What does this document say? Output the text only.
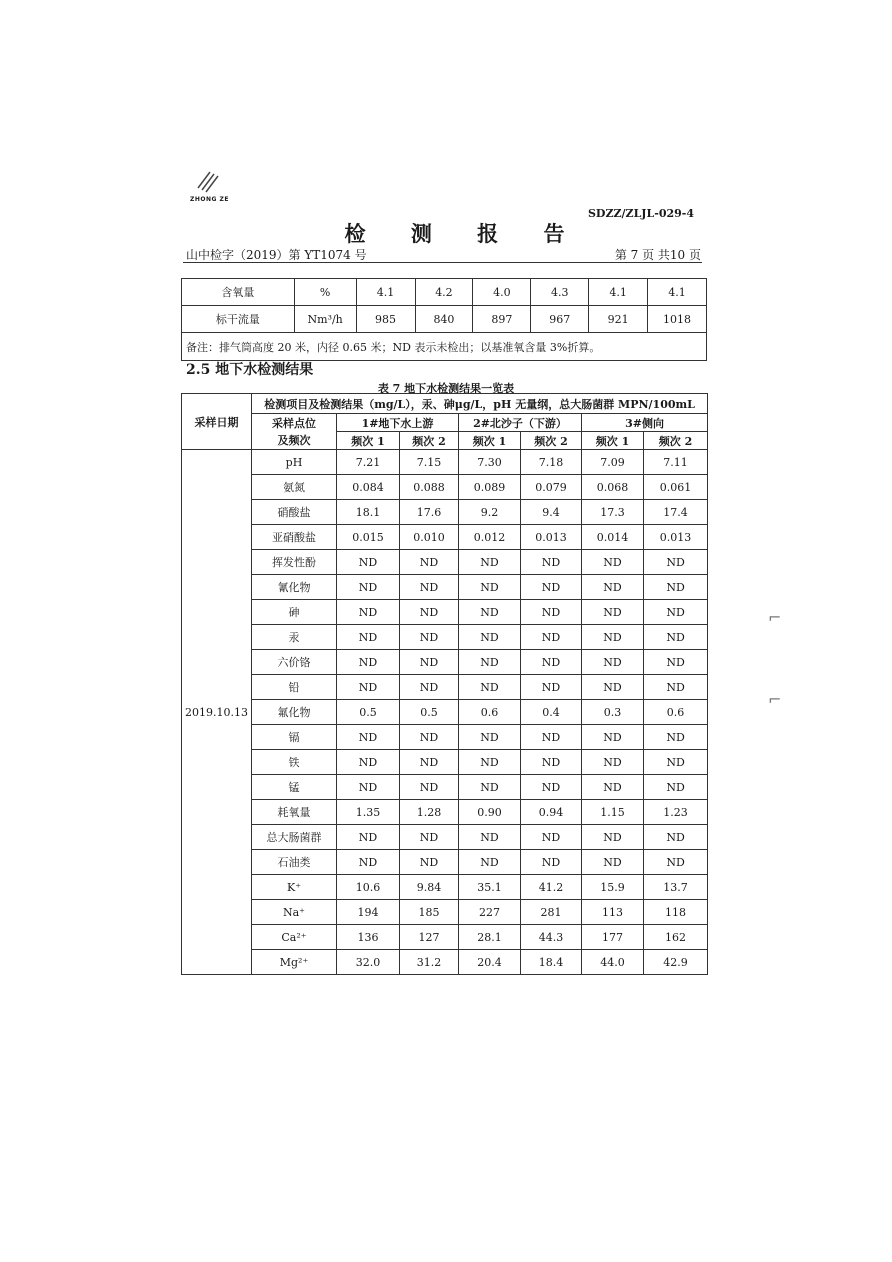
ZHONG ZE
SDZZ/ZLJL-029-4
检 测 报 告
山中检字（2019）第 YT1074 号	第 7 页 共10 页
含氧量	%	4.1	4.2	4.0	4.3	4.1	4.1
标干流量	Nm³/h	985	840	897	967	921	1018
备注：排气筒高度 20 米，内径 0.65 米；ND 表示未检出；以基准氧含量 3%折算。							
2.5 地下水检测结果
表 7 地下水检测结果一览表
采样日期	检测项目及检测结果（mg/L），汞、砷μg/L，pH 无量纲，总大肠菌群 MPN/100mL						
	采样点位	1#地下水上游		2#北沙子（下游）		3#侧向	
	及频次	频次 1	频次 2	频次 1	频次 2	频次 1	频次 2
2019.10.13	pH	7.21	7.15	7.30	7.18	7.09	7.11
	氨氮	0.084	0.088	0.089	0.079	0.068	0.061
	硝酸盐	18.1	17.6	9.2	9.4	17.3	17.4
	亚硝酸盐	0.015	0.010	0.012	0.013	0.014	0.013
	挥发性酚	ND	ND	ND	ND	ND	ND
	氰化物	ND	ND	ND	ND	ND	ND
	砷	ND	ND	ND	ND	ND	ND
	汞	ND	ND	ND	ND	ND	ND
	六价铬	ND	ND	ND	ND	ND	ND
	铅	ND	ND	ND	ND	ND	ND
	氟化物	0.5	0.5	0.6	0.4	0.3	0.6
	镉	ND	ND	ND	ND	ND	ND
	铁	ND	ND	ND	ND	ND	ND
	锰	ND	ND	ND	ND	ND	ND
	耗氧量	1.35	1.28	0.90	0.94	1.15	1.23
	总大肠菌群	ND	ND	ND	ND	ND	ND
	石油类	ND	ND	ND	ND	ND	ND
	K⁺	10.6	9.84	35.1	41.2	15.9	13.7
	Na⁺	194	185	227	281	113	118
	Ca²⁺	136	127	28.1	44.3	177	162
	Mg²⁺	32.0	31.2	20.4	18.4	44.0	42.9
⌐
⌐
